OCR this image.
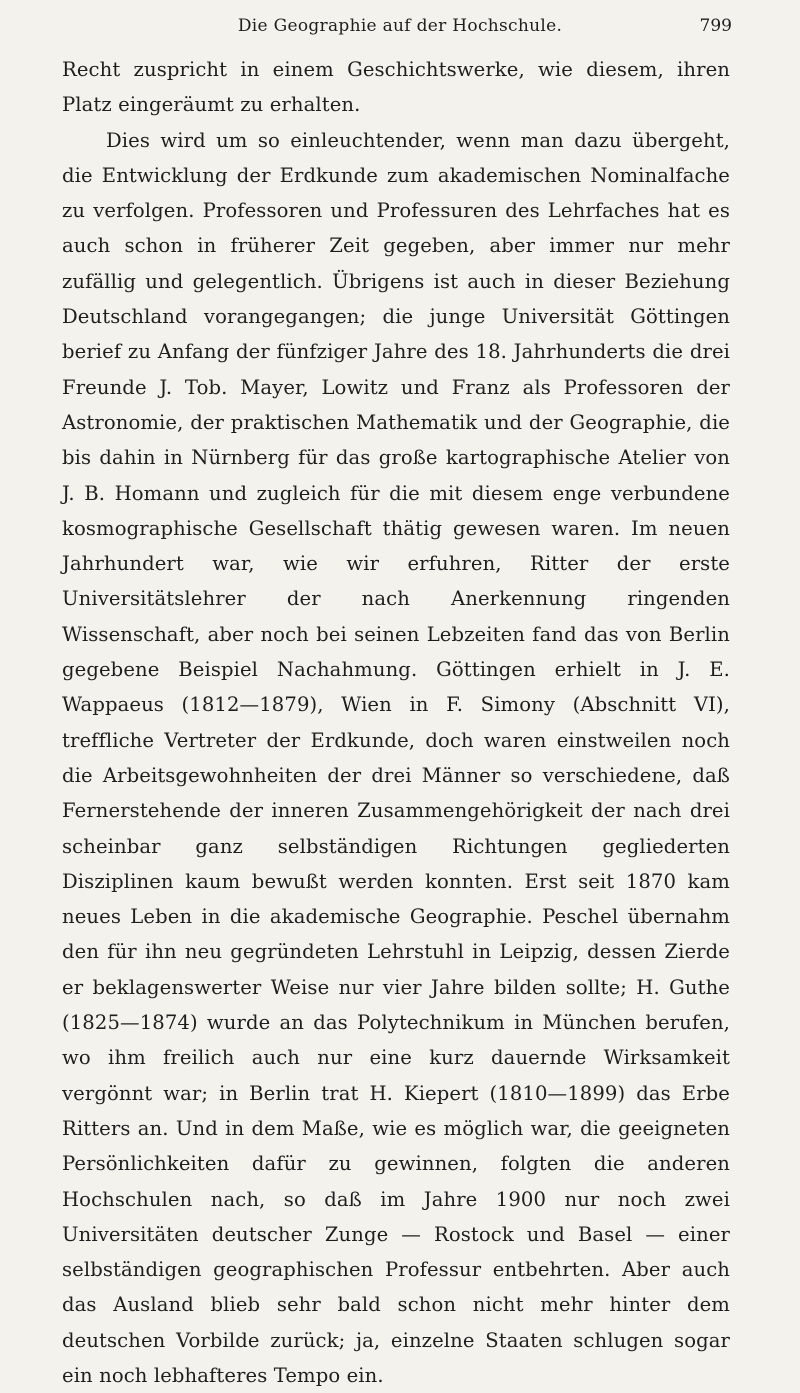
Die Geographie auf der Hochschule.	799

Recht zuspricht in einem Geschichtswerke, wie diesem, ihren Platz eingeräumt zu erhalten.

Dies wird um so einleuchtender, wenn man dazu übergeht, die Entwicklung der Erdkunde zum akademischen Nominalfache zu verfolgen. Professoren und Professuren des Lehrfaches hat es auch schon in früherer Zeit gegeben, aber immer nur mehr zufällig und gelegentlich. Übrigens ist auch in dieser Beziehung Deutschland vorangegangen; die junge Universität Göttingen berief zu Anfang der fünfziger Jahre des 18. Jahrhunderts die drei Freunde J. Tob. Mayer, Lowitz und Franz als Professoren der Astronomie, der praktischen Mathematik und der Geographie, die bis dahin in Nürnberg für das große kartographische Atelier von J. B. Homann und zugleich für die mit diesem enge verbundene kosmographische Gesellschaft thätig gewesen waren. Im neuen Jahrhundert war, wie wir erfuhren, Ritter der erste Universitätslehrer der nach Anerkennung ringenden Wissenschaft, aber noch bei seinen Lebzeiten fand das von Berlin gegebene Beispiel Nachahmung. Göttingen erhielt in J. E. Wappaeus (1812—1879), Wien in F. Simony (Abschnitt VI), treffliche Vertreter der Erdkunde, doch waren einstweilen noch die Arbeitsgewohnheiten der drei Männer so verschiedene, daß Fernerstehende der inneren Zusammengehörigkeit der nach drei scheinbar ganz selbständigen Richtungen gegliederten Disziplinen kaum bewußt werden konnten. Erst seit 1870 kam neues Leben in die akademische Geographie. Peschel übernahm den für ihn neu gegründeten Lehrstuhl in Leipzig, dessen Zierde er beklagenswerter Weise nur vier Jahre bilden sollte; H. Guthe (1825—1874) wurde an das Polytechnikum in München berufen, wo ihm freilich auch nur eine kurz dauernde Wirksamkeit vergönnt war; in Berlin trat H. Kiepert (1810—1899) das Erbe Ritters an. Und in dem Maße, wie es möglich war, die geeigneten Persönlichkeiten dafür zu gewinnen, folgten die anderen Hochschulen nach, so daß im Jahre 1900 nur noch zwei Universitäten deutscher Zunge — Rostock und Basel — einer selbständigen geographischen Professur entbehrten. Aber auch das Ausland blieb sehr bald schon nicht mehr hinter dem deutschen Vorbilde zurück; ja, einzelne Staaten schlugen sogar ein noch lebhafteres Tempo ein.
